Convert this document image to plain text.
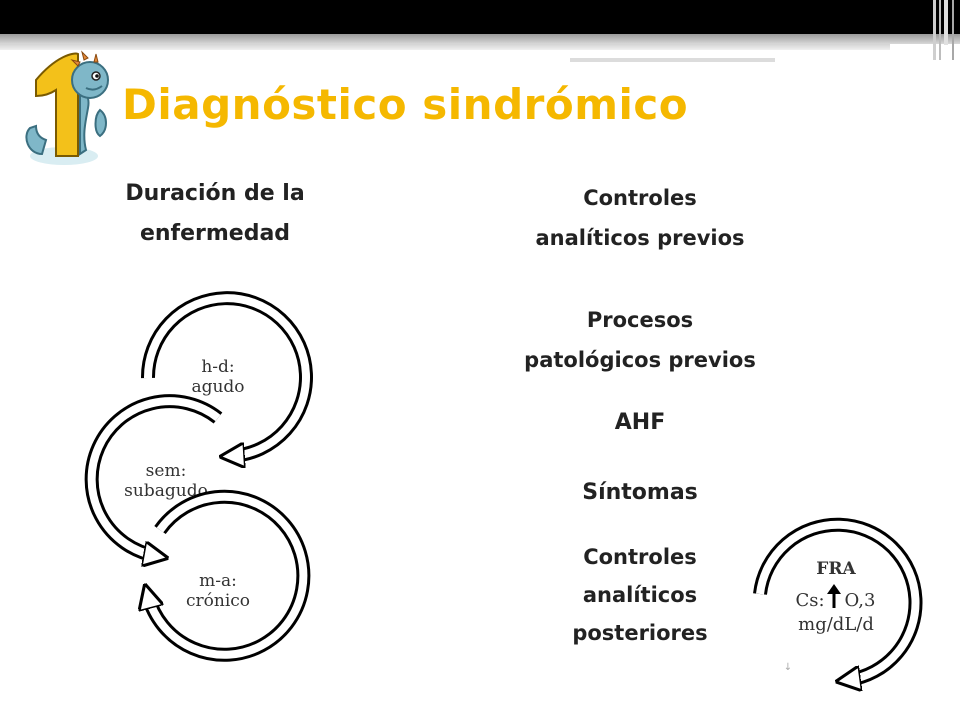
Diagnóstico sindrómico
Duración de la
enfermedad
h-d:
agudo
sem:
subagudo
m-a:
crónico
Controles
analíticos previos
Procesos
patológicos previos
AHF
Síntomas
Controles
analíticos
posteriores
FRA
Cs: O,3
mg/dL/d
↓
